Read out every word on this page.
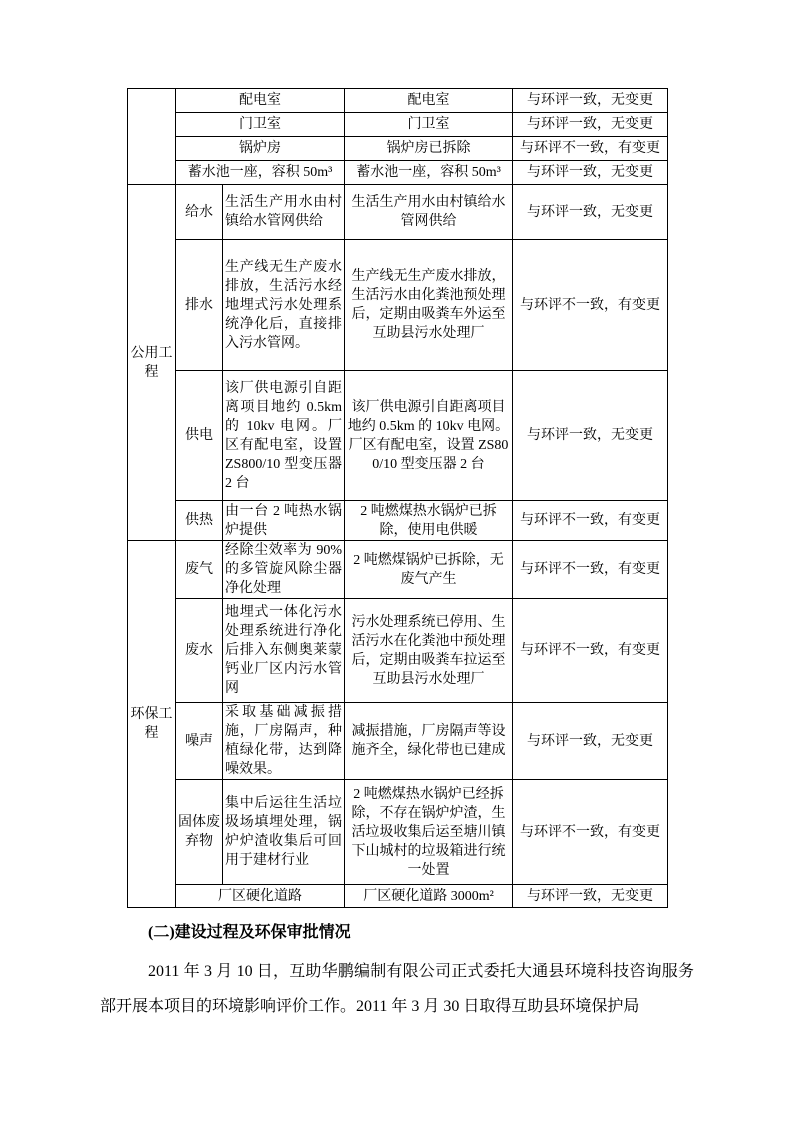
	配电室		配电室	与环评一致，无变更
	门卫室		门卫室	与环评一致，无变更
	锅炉房		锅炉房已拆除	与环评不一致，有变更
	蓄水池一座，容积 50m³		蓄水池一座，容积 50m³	与环评一致，无变更
公用工程	给水	生活生产用水由村镇给水管网供给	生活生产用水由村镇给水管网供给	与环评一致，无变更
	排水	生产线无生产废水排放，生活污水经地埋式污水处理系统净化后，直接排入污水管网。	生产线无生产废水排放，生活污水由化粪池预处理后，定期由吸粪车外运至互助县污水处理厂	与环评不一致，有变更
	供电	该厂供电源引自距离项目地约 0.5km 的 10kv 电网。厂区有配电室，设置 ZS800/10 型变压器 2 台	该厂供电源引自距离项目地约 0.5km 的 10kv 电网。厂区有配电室，设置 ZS800/10 型变压器 2 台	与环评一致，无变更
	供热	由一台 2 吨热水锅炉提供	2 吨燃煤热水锅炉已拆除，使用电供暖	与环评不一致，有变更
环保工程	废气	经除尘效率为 90%的多管旋风除尘器净化处理	2 吨燃煤锅炉已拆除，无废气产生	与环评不一致，有变更
	废水	地埋式一体化污水处理系统进行净化后排入东侧奥莱蒙钙业厂区内污水管网	污水处理系统已停用、生活污水在化粪池中预处理后，定期由吸粪车拉运至互助县污水处理厂	与环评不一致，有变更
	噪声	采取基础减振措施，厂房隔声，种植绿化带，达到降噪效果。	减振措施，厂房隔声等设施齐全，绿化带也已建成	与环评一致，无变更
	固体废弃物	集中后运往生活垃圾场填埋处理，锅炉炉渣收集后可回用于建材行业	2 吨燃煤热水锅炉已经拆除，不存在锅炉炉渣，生活垃圾收集后运至塘川镇下山城村的垃圾箱进行统一处置	与环评不一致，有变更
	厂区硬化道路		厂区硬化道路 3000m²	与环评一致，无变更
(二)建设过程及环保审批情况

2011 年 3 月 10 日，互助华鹏编制有限公司正式委托大通县环境科技咨询服务部开展本项目的环境影响评价工作。2011 年 3 月 30 日取得互助县环境保护局
